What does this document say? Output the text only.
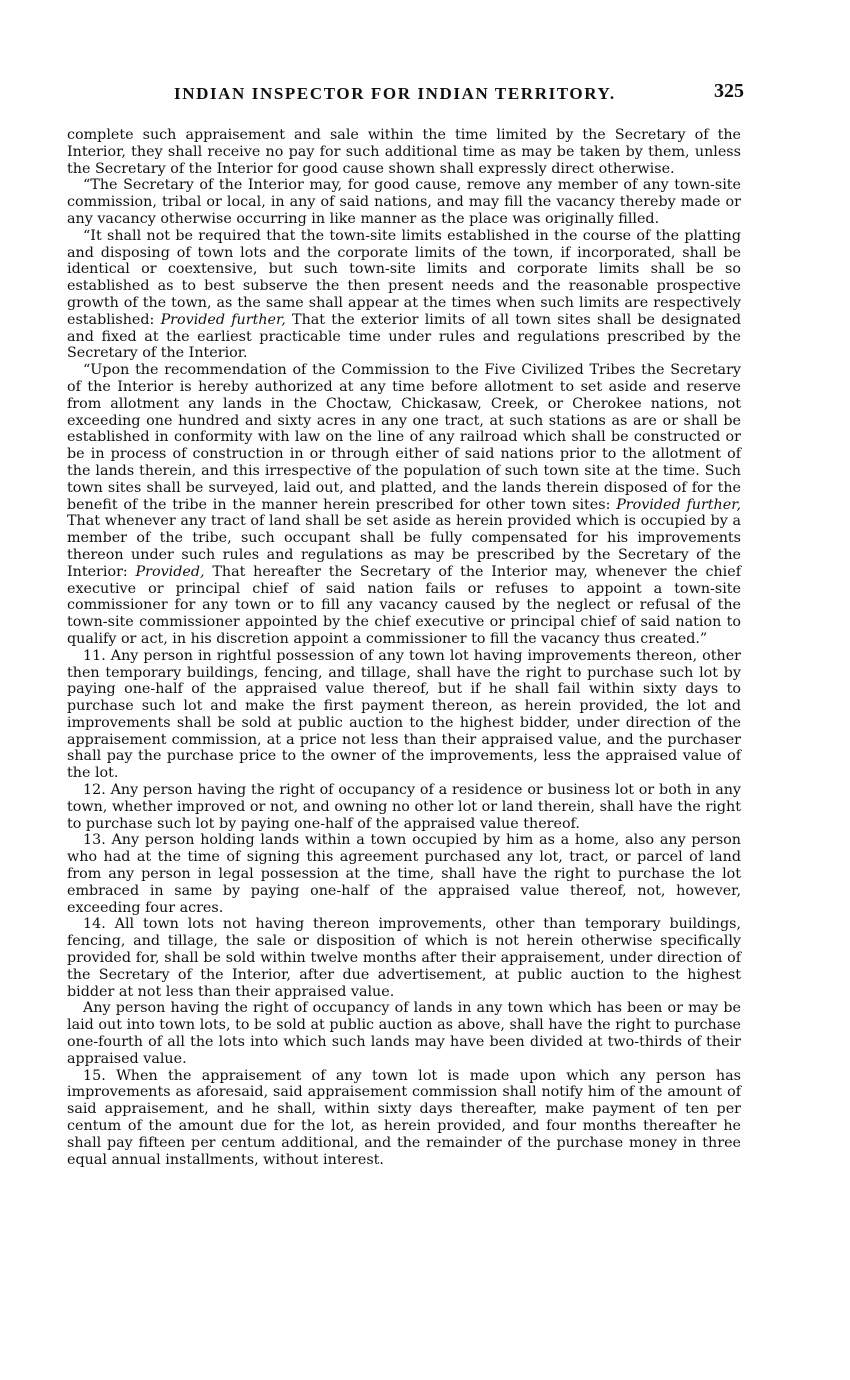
INDIAN INSPECTOR FOR INDIAN TERRITORY.	325

complete such appraisement and sale within the time limited by the Secretary of the Interior, they shall receive no pay for such additional time as may be taken by them, unless the Secretary of the Interior for good cause shown shall expressly direct otherwise.

“The Secretary of the Interior may, for good cause, remove any member of any town-site commission, tribal or local, in any of said nations, and may fill the vacancy thereby made or any vacancy otherwise occurring in like manner as the place was originally filled.

“It shall not be required that the town-site limits established in the course of the platting and disposing of town lots and the corporate limits of the town, if incorporated, shall be identical or coextensive, but such town-site limits and corporate limits shall be so established as to best subserve the then present needs and the reasonable prospective growth of the town, as the same shall appear at the times when such limits are respectively established: Provided further, That the exterior limits of all town sites shall be designated and fixed at the earliest practicable time under rules and regulations prescribed by the Secretary of the Interior.

“Upon the recommendation of the Commission to the Five Civilized Tribes the Secretary of the Interior is hereby authorized at any time before allotment to set aside and reserve from allotment any lands in the Choctaw, Chickasaw, Creek, or Cherokee nations, not exceeding one hundred and sixty acres in any one tract, at such stations as are or shall be established in conformity with law on the line of any railroad which shall be constructed or be in process of construction in or through either of said nations prior to the allotment of the lands therein, and this irrespective of the population of such town site at the time. Such town sites shall be surveyed, laid out, and platted, and the lands therein disposed of for the benefit of the tribe in the manner herein prescribed for other town sites: Provided further, That whenever any tract of land shall be set aside as herein provided which is occupied by a member of the tribe, such occupant shall be fully compensated for his improvements thereon under such rules and regulations as may be prescribed by the Secretary of the Interior: Provided, That hereafter the Secretary of the Interior may, whenever the chief executive or principal chief of said nation fails or refuses to appoint a town-site commissioner for any town or to fill any vacancy caused by the neglect or refusal of the town-site commissioner appointed by the chief executive or principal chief of said nation to qualify or act, in his discretion appoint a commissioner to fill the vacancy thus created.”

11. Any person in rightful possession of any town lot having improvements thereon, other then temporary buildings, fencing, and tillage, shall have the right to purchase such lot by paying one-half of the appraised value thereof, but if he shall fail within sixty days to purchase such lot and make the first payment thereon, as herein provided, the lot and improvements shall be sold at public auction to the highest bidder, under direction of the appraisement commission, at a price not less than their appraised value, and the purchaser shall pay the purchase price to the owner of the improvements, less the appraised value of the lot.

12. Any person having the right of occupancy of a residence or business lot or both in any town, whether improved or not, and owning no other lot or land therein, shall have the right to purchase such lot by paying one-half of the appraised value thereof.

13. Any person holding lands within a town occupied by him as a home, also any person who had at the time of signing this agreement purchased any lot, tract, or parcel of land from any person in legal possession at the time, shall have the right to purchase the lot embraced in same by paying one-half of the appraised value thereof, not, however, exceeding four acres.

14. All town lots not having thereon improvements, other than temporary buildings, fencing, and tillage, the sale or disposition of which is not herein otherwise specifically provided for, shall be sold within twelve months after their appraisement, under direction of the Secretary of the Interior, after due advertisement, at public auction to the highest bidder at not less than their appraised value.

Any person having the right of occupancy of lands in any town which has been or may be laid out into town lots, to be sold at public auction as above, shall have the right to purchase one-fourth of all the lots into which such lands may have been divided at two-thirds of their appraised value.

15. When the appraisement of any town lot is made upon which any person has improvements as aforesaid, said appraisement commission shall notify him of the amount of said appraisement, and he shall, within sixty days thereafter, make payment of ten per centum of the amount due for the lot, as herein provided, and four months thereafter he shall pay fifteen per centum additional, and the remainder of the purchase money in three equal annual installments, without interest.
